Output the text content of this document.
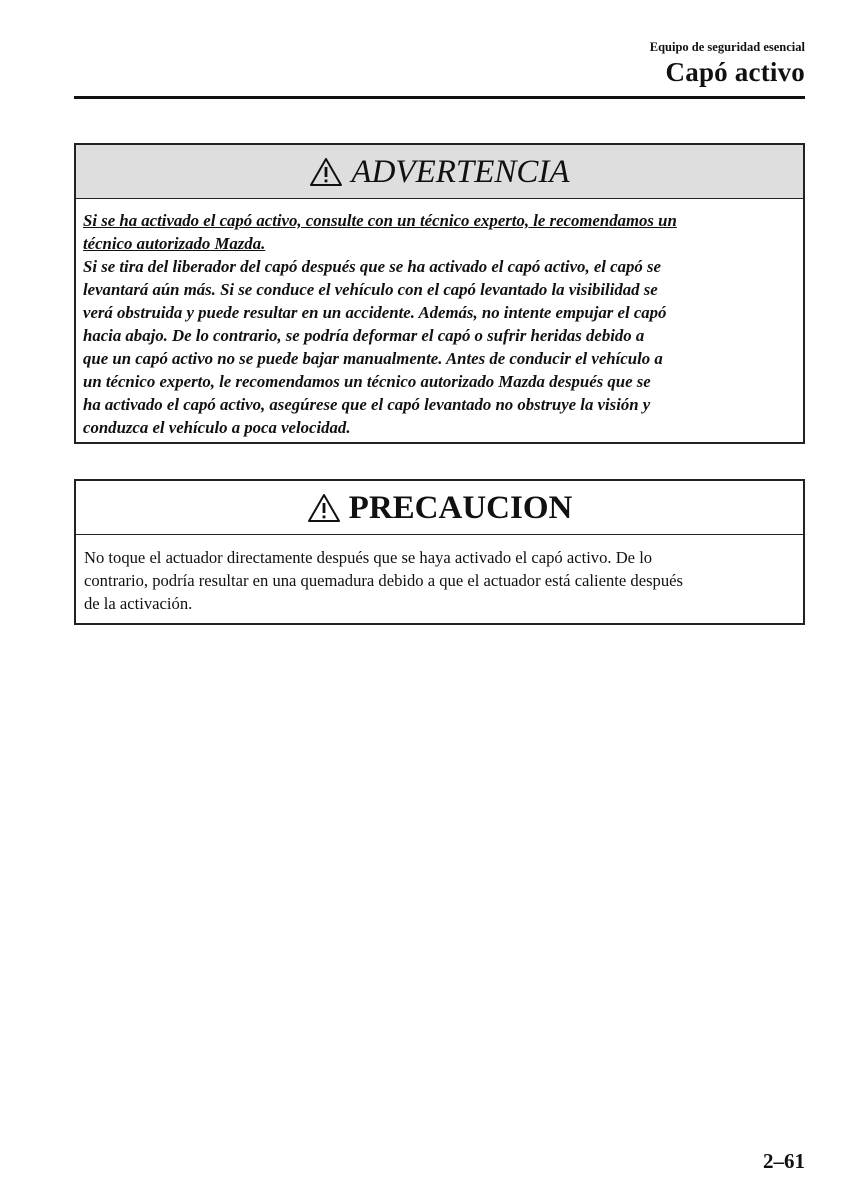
Equipo de seguridad esencial
Capó activo
ADVERTENCIA

Si se ha activado el capó activo, consulte con un técnico experto, le recomendamos un

técnico autorizado Mazda.

Si se tira del liberador del capó después que se ha activado el capó activo, el capó se

levantará aún más. Si se conduce el vehículo con el capó levantado la visibilidad se

verá obstruida y puede resultar en un accidente. Además, no intente empujar el capó

hacia abajo. De lo contrario, se podría deformar el capó o sufrir heridas debido a

que un capó activo no se puede bajar manualmente. Antes de conducir el vehículo a

un técnico experto, le recomendamos un técnico autorizado Mazda después que se

ha activado el capó activo, asegúrese que el capó levantado no obstruye la visión y

conduzca el vehículo a poca velocidad.

PRECAUCION

No toque el actuador directamente después que se haya activado el capó activo. De lo

contrario, podría resultar en una quemadura debido a que el actuador está caliente después

de la activación.

2–61
